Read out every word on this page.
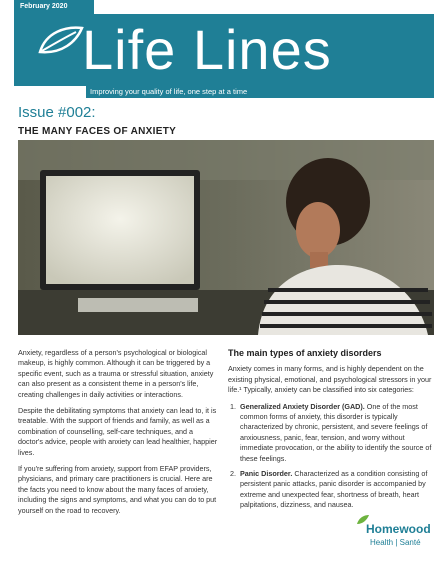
February 2020
Life Lines
Improving your quality of life, one step at a time
Issue #002:
THE MANY FACES OF ANXIETY

Anxiety, regardless of a person's psychological or biological makeup, is highly common. Although it can be triggered by a specific event, such as a trauma or stressful situation, anxiety can also present as a consistent theme in a person's life, creating challenges in daily activities or interactions.

Despite the debilitating symptoms that anxiety can lead to, it is treatable. With the support of friends and family, as well as a combination of counselling, self-care techniques, and a doctor's advice, people with anxiety can lead healthier, happier lives.

If you're suffering from anxiety, support from EFAP providers, physicians, and primary care practitioners is crucial. Here are the facts you need to know about the many faces of anxiety, including the signs and symptoms, and what you can do to put yourself on the road to recovery.

The main types of anxiety disorders

Anxiety comes in many forms, and is highly dependent on the existing physical, emotional, and psychological stressors in your life.¹ Typically, anxiety can be classified into six categories:

1. Generalized Anxiety Disorder (GAD). One of the most common forms of anxiety, this disorder is typically characterized by chronic, persistent, and severe feelings of anxiousness, panic, fear, tension, and worry without immediate provocation, or the ability to identify the source of these feelings.
2. Panic Disorder. Characterized as a condition consisting of persistent panic attacks, panic disorder is accompanied by extreme and unexpected fear, shortness of breath, heart palpitations, dizziness, and nausea.
Homewood
Health | Santé
